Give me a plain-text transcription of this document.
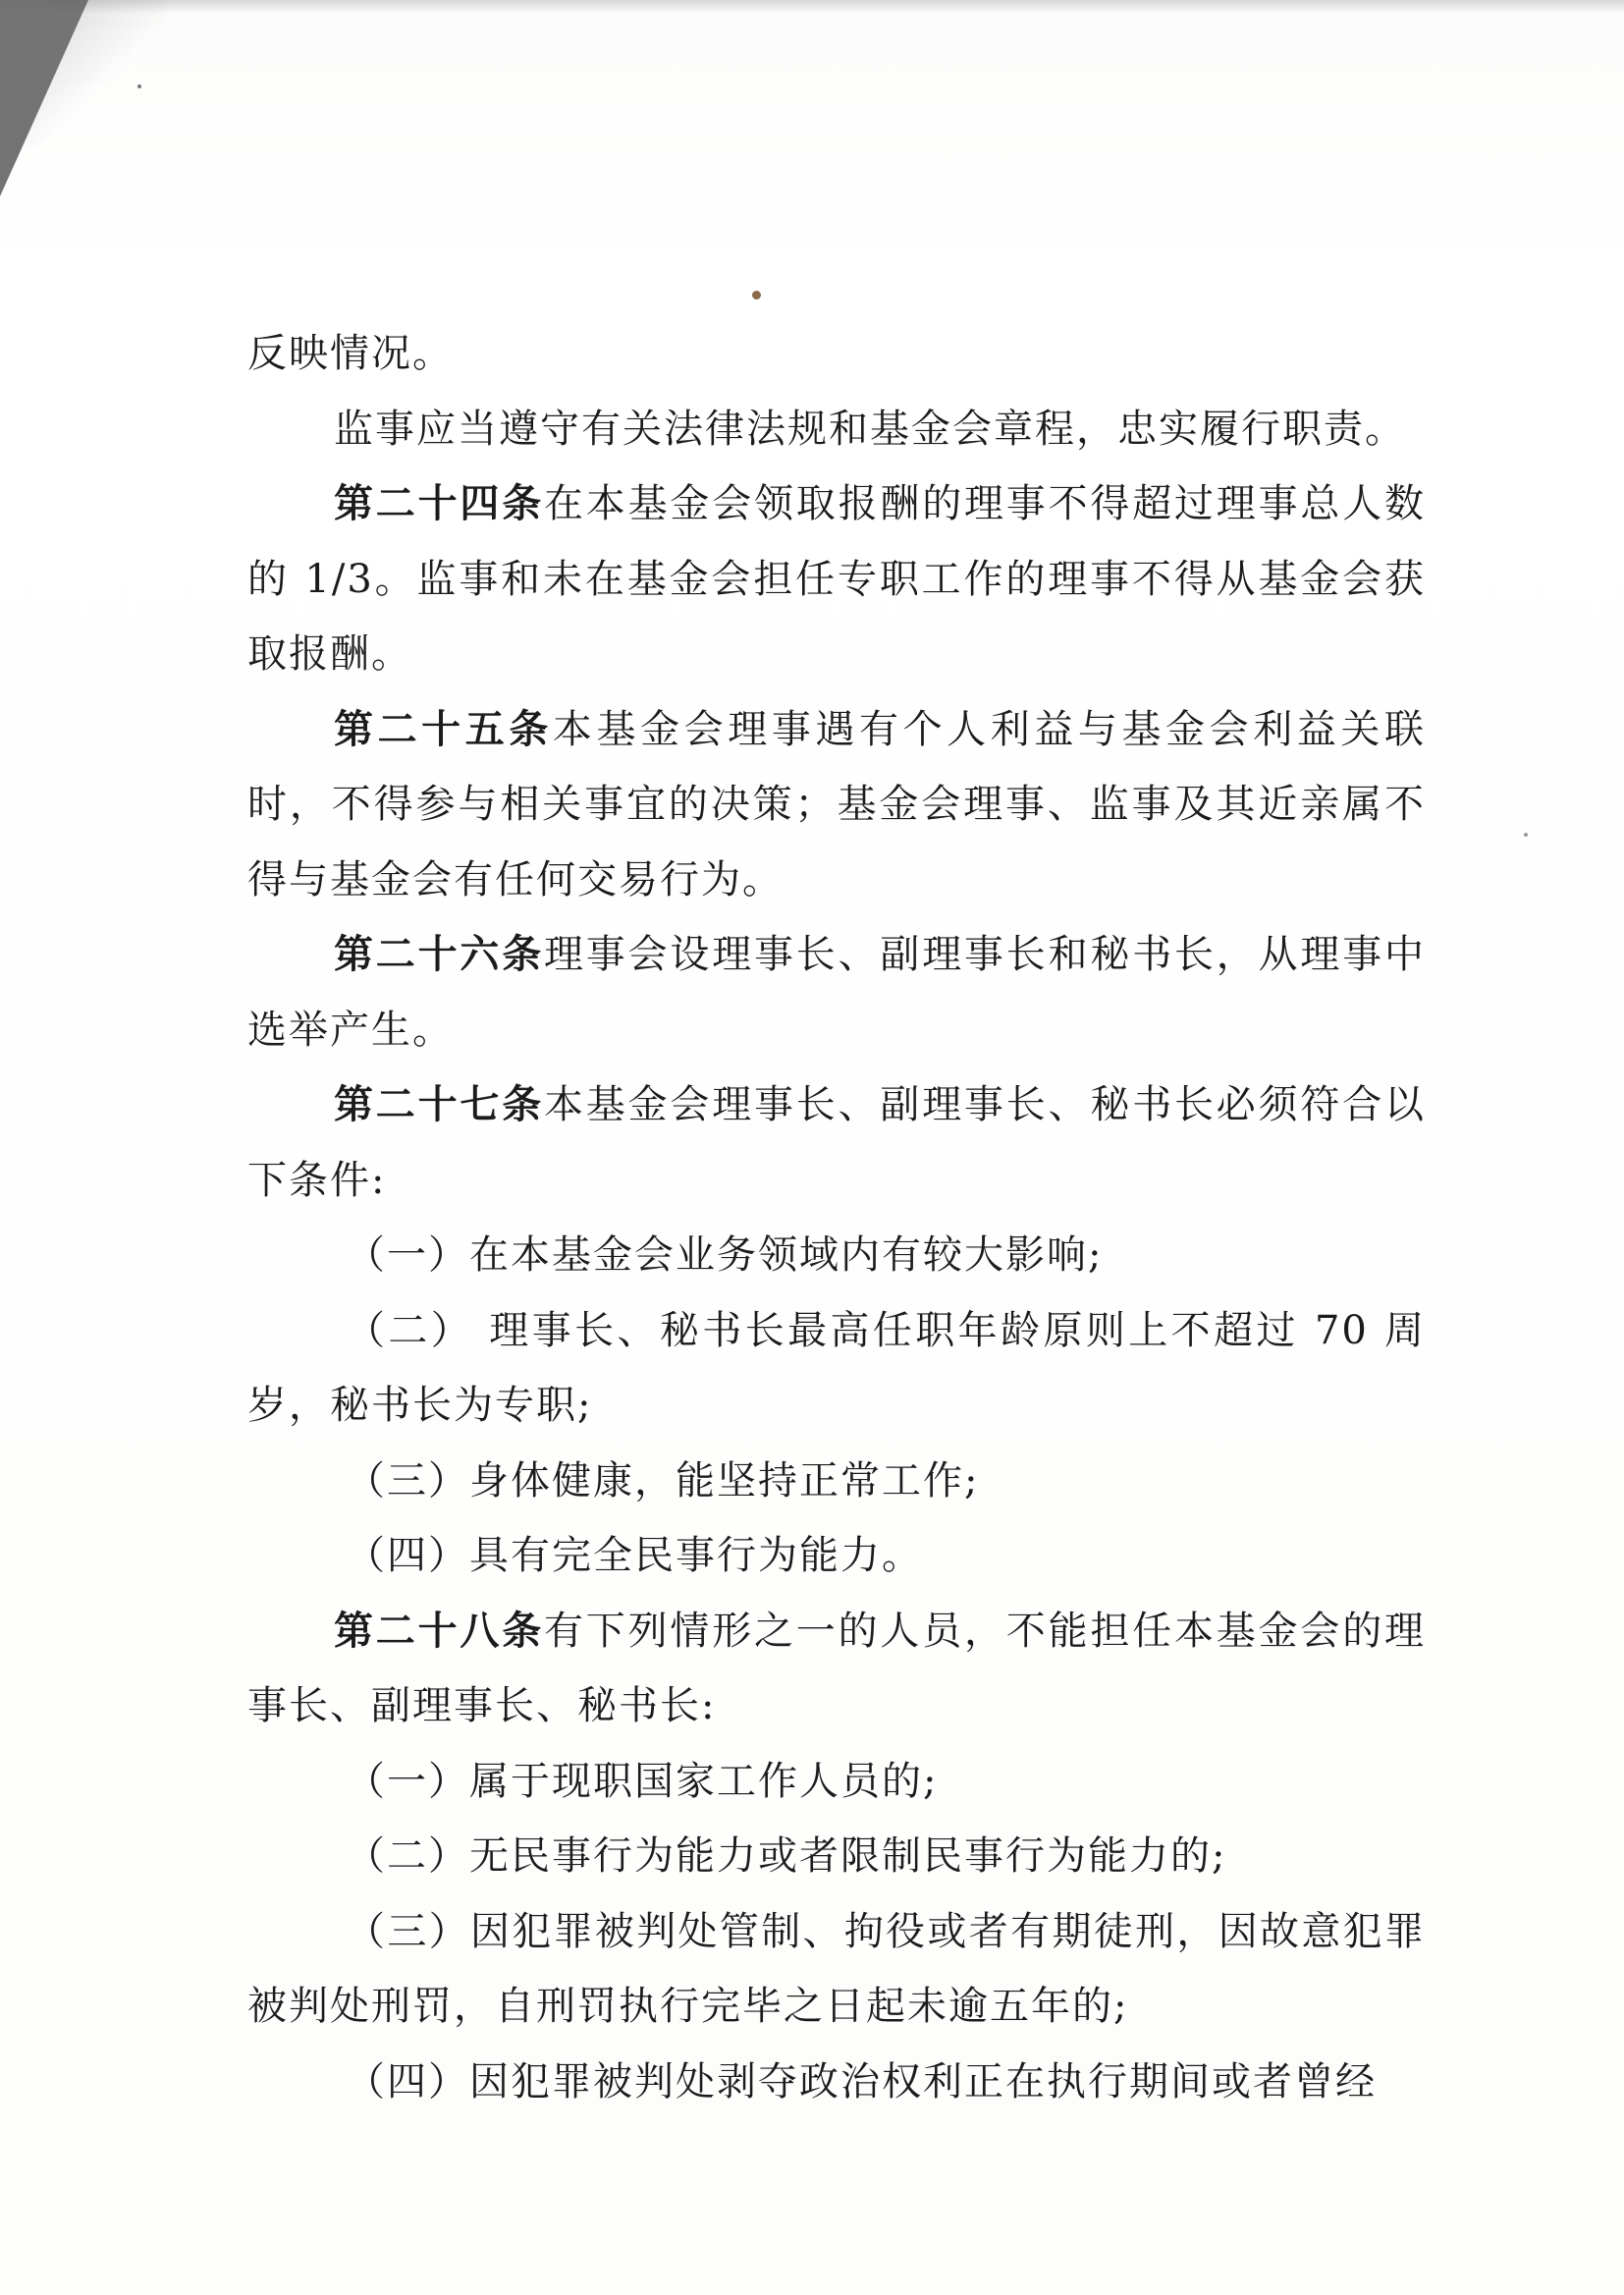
反映情况。

监事应当遵守有关法律法规和基金会章程，忠实履行职责。

第二十四条在本基金会领取报酬的理事不得超过理事总人数的 1/3。监事和未在基金会担任专职工作的理事不得从基金会获取报酬。

第二十五条本基金会理事遇有个人利益与基金会利益关联时，不得参与相关事宜的决策；基金会理事、监事及其近亲属不得与基金会有任何交易行为。

第二十六条理事会设理事长、副理事长和秘书长，从理事中选举产生。

第二十七条本基金会理事长、副理事长、秘书长必须符合以下条件:

（一）在本基金会业务领域内有较大影响;

（二） 理事长、秘书长最高任职年龄原则上不超过 70 周岁，秘书长为专职;

（三）身体健康，能坚持正常工作;

（四）具有完全民事行为能力。

第二十八条有下列情形之一的人员，不能担任本基金会的理事长、副理事长、秘书长:

（一）属于现职国家工作人员的;

（二）无民事行为能力或者限制民事行为能力的;

（三）因犯罪被判处管制、拘役或者有期徒刑，因故意犯罪被判处刑罚，自刑罚执行完毕之日起未逾五年的;

（四）因犯罪被判处剥夺政治权利正在执行期间或者曾经
